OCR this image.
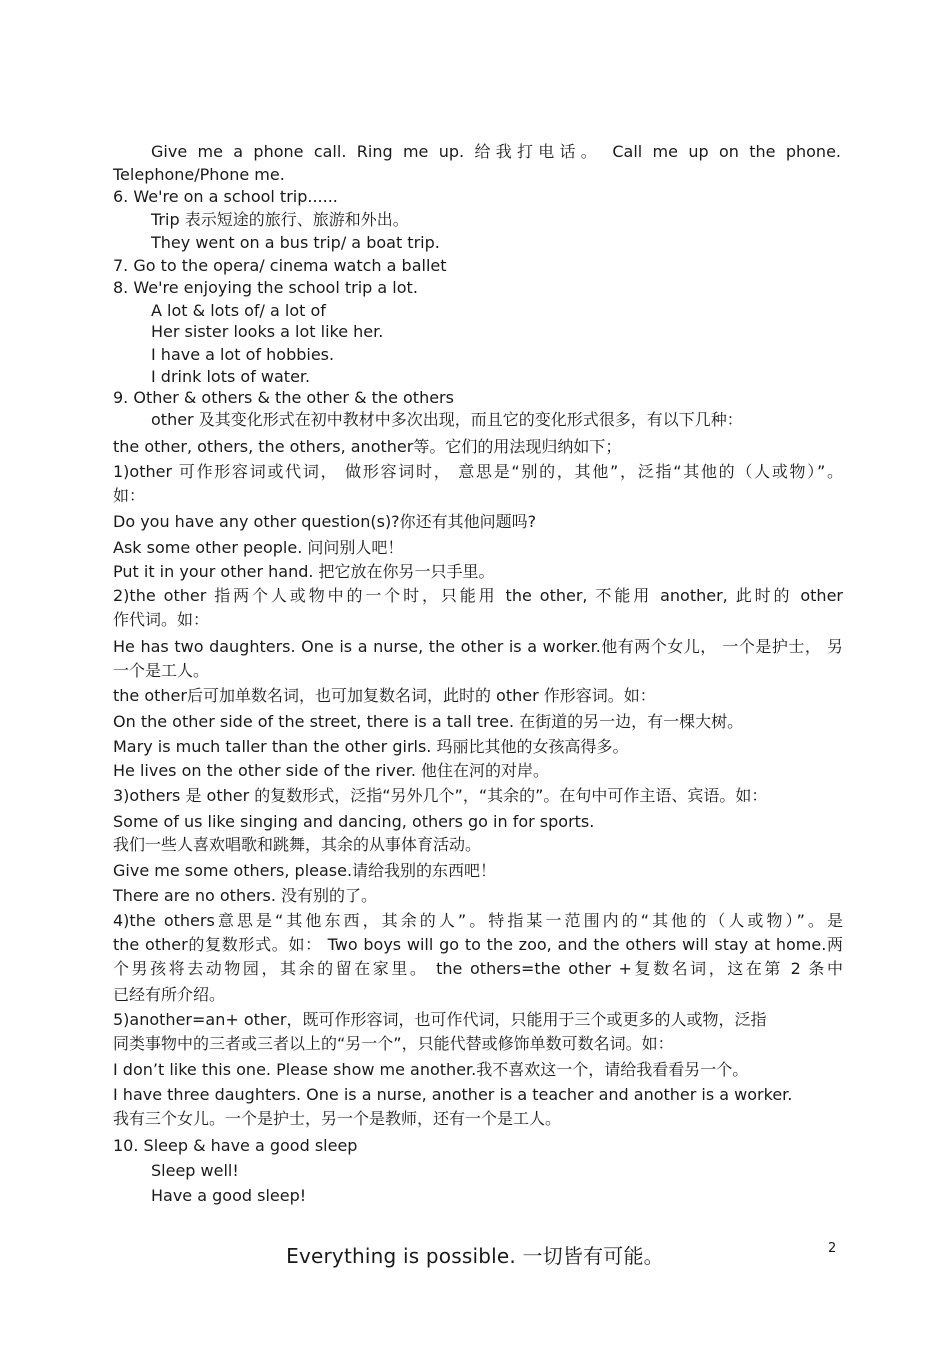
Give me a phone call. Ring me up. 给我打电话。 Call me up on the phone.
Telephone/Phone me.
6. We're on a school trip......
Trip 表示短途的旅行、旅游和外出。
They went on a bus trip/ a boat trip.
7. Go to the opera/ cinema watch a ballet
8. We're enjoying the school trip a lot.
A lot & lots of/ a lot of
Her sister looks a lot like her.
I have a lot of hobbies.
I drink lots of water.
9. Other & others & the other & the others
other 及其变化形式在初中教材中多次出现，而且它的变化形式很多，有以下几种：
the other, others, the others, another等。它们的用法现归纳如下；
1)other 可作形容词或代词， 做形容词时， 意思是“别的，其他”，泛指“其他的（人或物）”。
如：
Do you have any other question(s)?你还有其他问题吗?
Ask some other people. 问问别人吧！
Put it in your other hand. 把它放在你另一只手里。
2)the other 指两个人或物中的一个时，只能用 the other, 不能用 another, 此时的 other
作代词。如：
He has two daughters. One is a nurse, the other is a worker.他有两个女儿， 一个是护士， 另
一个是工人。
the other后可加单数名词，也可加复数名词，此时的 other 作形容词。如：
On the other side of the street, there is a tall tree. 在街道的另一边，有一棵大树。
Mary is much taller than the other girls. 玛丽比其他的女孩高得多。
He lives on the other side of the river. 他住在河的对岸。
3)others 是 other 的复数形式，泛指“另外几个”，“其余的”。在句中可作主语、宾语。如：
Some of us like singing and dancing, others go in for sports.
我们一些人喜欢唱歌和跳舞，其余的从事体育活动。
Give me some others, please.请给我别的东西吧！
There are no others. 没有别的了。
4)the others意思是“其他东西，其余的人”。特指某一范围内的“其他的（人或物）”。是
the other的复数形式。如： Two boys will go to the zoo, and the others will stay at home.两
个男孩将去动物园，其余的留在家里。 the others=the other +复数名词，这在第 2 条中
已经有所介绍。
5)another=an+ other，既可作形容词，也可作代词，只能用于三个或更多的人或物，泛指
同类事物中的三者或三者以上的“另一个”，只能代替或修饰单数可数名词。如：
I don’t like this one. Please show me another.我不喜欢这一个，请给我看看另一个。
I have three daughters. One is a nurse, another is a teacher and another is a worker.
我有三个女儿。一个是护士，另一个是教师，还有一个是工人。
10. Sleep & have a good sleep
Sleep well!
Have a good sleep!
Everything is possible. 一切皆有可能。	2
